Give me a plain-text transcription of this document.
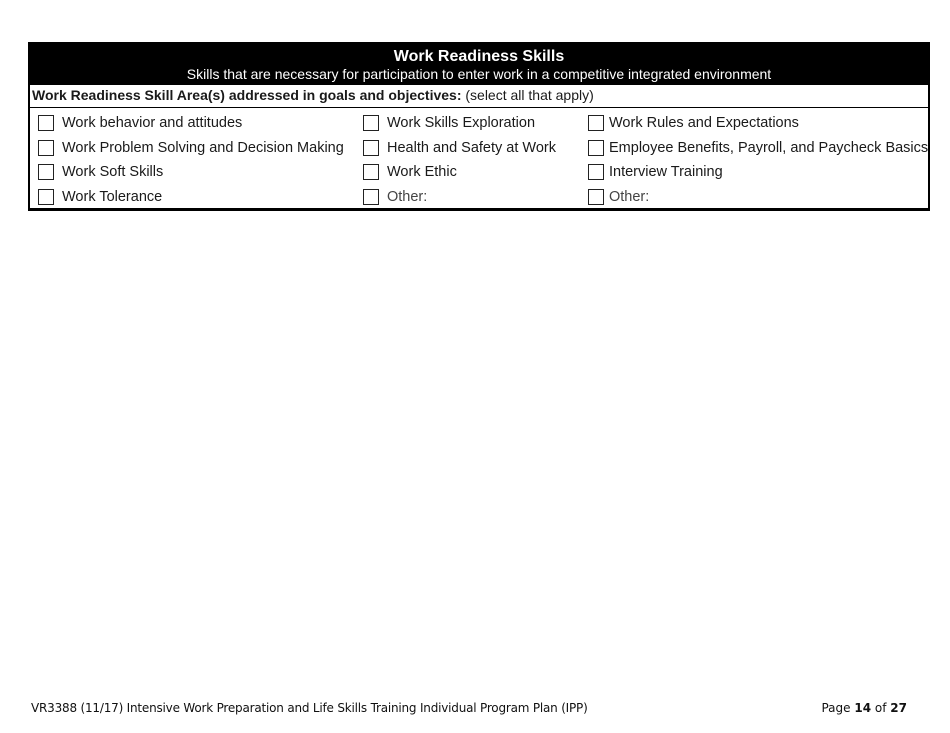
Work Readiness Skills
Skills that are necessary for participation to enter work in a competitive integrated environment
Work Readiness Skill Area(s) addressed in goals and objectives: (select all that apply)
Work behavior and attitudes
Work Problem Solving and Decision Making
Work Soft Skills
Work Tolerance
Work Skills Exploration
Health and Safety at Work
Work Ethic
Other:
Work Rules and Expectations
Employee Benefits, Payroll, and Paycheck Basics
Interview Training
Other:
VR3388 (11/17) Intensive Work Preparation and Life Skills Training Individual Program Plan (IPP)	Page 14 of 27
